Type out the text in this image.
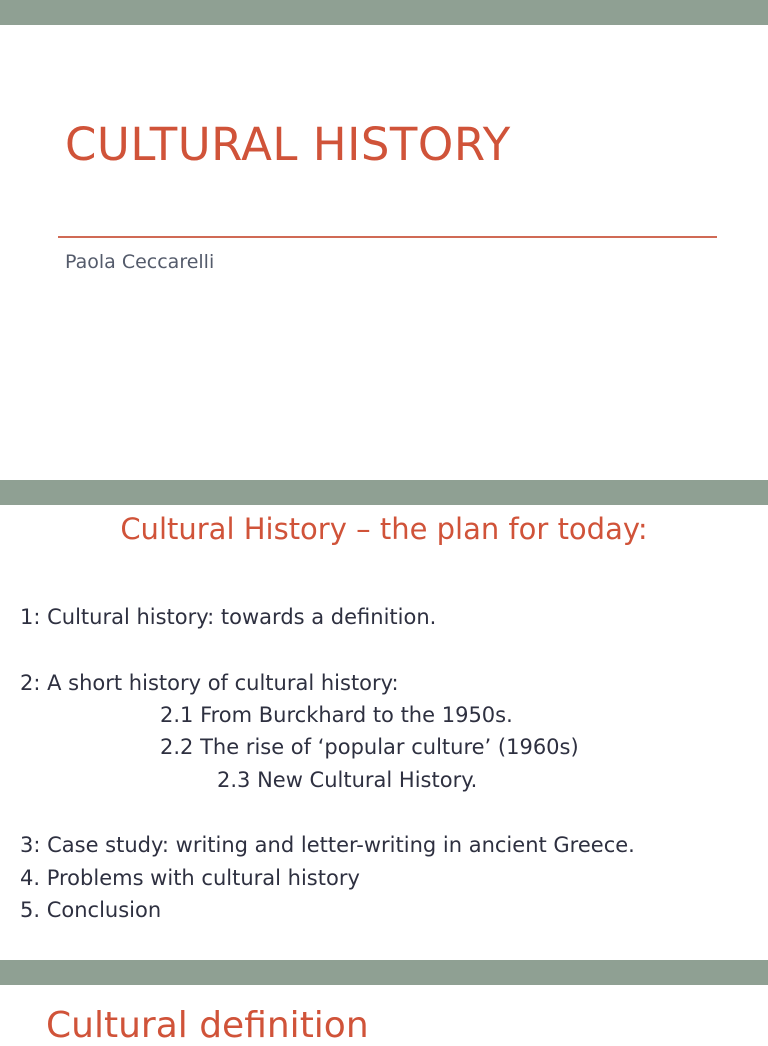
CULTURAL HISTORY
Paola Ceccarelli
Cultural History – the plan for today:
1: Cultural history: towards a definition.
2: A short history of cultural history:
2.1 From Burckhard to the 1950s.
2.2 The rise of ‘popular culture’ (1960s)
2.3 New Cultural History.
3: Case study: writing and letter-writing in ancient Greece.
4. Problems with cultural history
5. Conclusion
Cultural definition
